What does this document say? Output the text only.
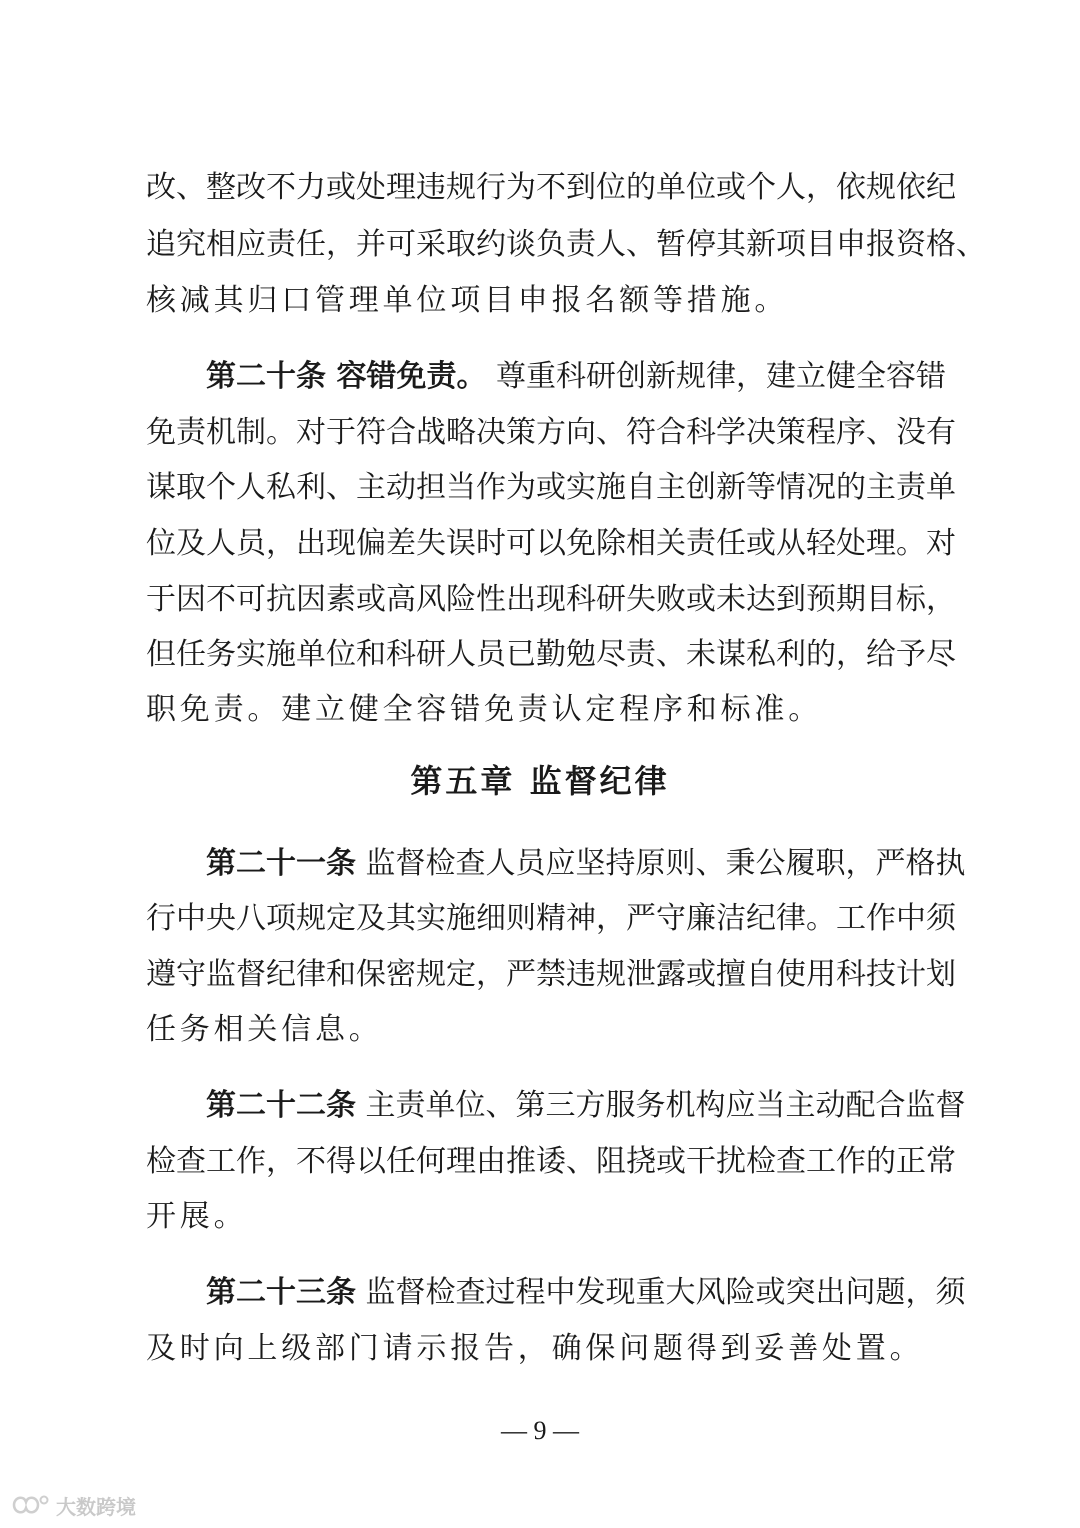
改、整改不力或处理违规行为不到位的单位或个人，依规依纪
追究相应责任，并可采取约谈负责人、暂停其新项目申报资格、
核减其归口管理单位项目申报名额等措施。
第二十条 容错免责。 尊重科研创新规律，建立健全容错
免责机制。对于符合战略决策方向、符合科学决策程序、没有
谋取个人私利、主动担当作为或实施自主创新等情况的主责单
位及人员，出现偏差失误时可以免除相关责任或从轻处理。对
于因不可抗因素或高风险性出现科研失败或未达到预期目标，
但任务实施单位和科研人员已勤勉尽责、未谋私利的，给予尽
职免责。建立健全容错免责认定程序和标准。
第五章 监督纪律
第二十一条 监督检查人员应坚持原则、秉公履职，严格执
行中央八项规定及其实施细则精神，严守廉洁纪律。工作中须
遵守监督纪律和保密规定，严禁违规泄露或擅自使用科技计划
任务相关信息。
第二十二条 主责单位、第三方服务机构应当主动配合监督
检查工作，不得以任何理由推诿、阻挠或干扰检查工作的正常
开展。
第二十三条 监督检查过程中发现重大风险或突出问题，须
及时向上级部门请示报告，确保问题得到妥善处置。
— 9 —
大数跨境
